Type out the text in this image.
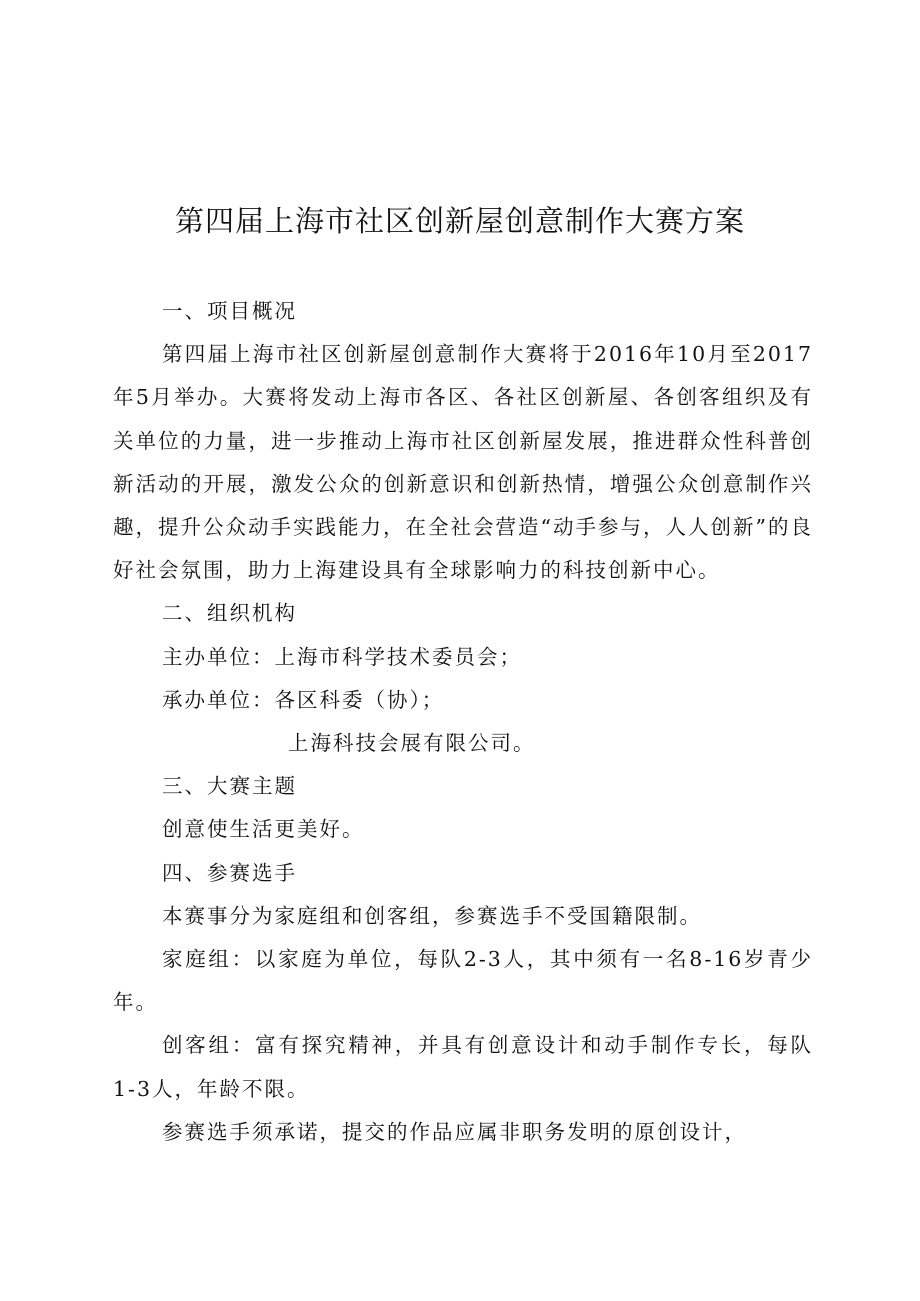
第四届上海市社区创新屋创意制作大赛方案

一、项目概况

第四届上海市社区创新屋创意制作大赛将于2016年10月至2017年5月举办。大赛将发动上海市各区、各社区创新屋、各创客组织及有关单位的力量，进一步推动上海市社区创新屋发展，推进群众性科普创新活动的开展，激发公众的创新意识和创新热情，增强公众创意制作兴趣，提升公众动手实践能力，在全社会营造“动手参与，人人创新”的良好社会氛围，助力上海建设具有全球影响力的科技创新中心。

二、组织机构

主办单位：上海市科学技术委员会；

承办单位：各区科委（协）；

上海科技会展有限公司。

三、大赛主题

创意使生活更美好。

四、参赛选手

本赛事分为家庭组和创客组，参赛选手不受国籍限制。

家庭组：以家庭为单位，每队2-3人，其中须有一名8-16岁青少年。

创客组：富有探究精神，并具有创意设计和动手制作专长，每队1-3人，年龄不限。

参赛选手须承诺，提交的作品应属非职务发明的原创设计，
